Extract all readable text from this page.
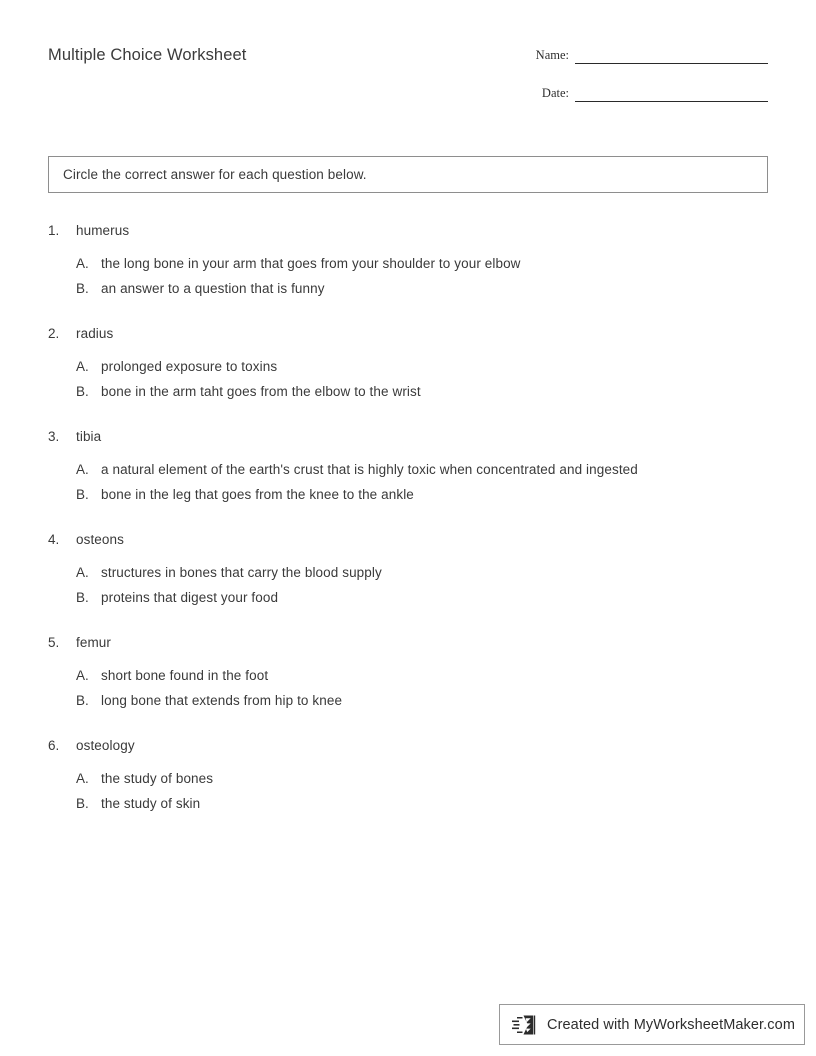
Multiple Choice Worksheet	Name:
Date:
Circle the correct answer for each question below.
1.	humerus
A. the long bone in your arm that goes from your shoulder to your elbow
B. an answer to a question that is funny
2.	radius
A. prolonged exposure to toxins
B. bone in the arm taht goes from the elbow to the wrist
3.	tibia
A. a natural element of the earth's crust that is highly toxic when concentrated and ingested
B. bone in the leg that goes from the knee to the ankle
4.	osteons
A. structures in bones that carry the blood supply
B. proteins that digest your food
5.	femur
A. short bone found in the foot
B. long bone that extends from hip to knee
6.	osteology
A. the study of bones
B. the study of skin
Created with MyWorksheetMaker.com
